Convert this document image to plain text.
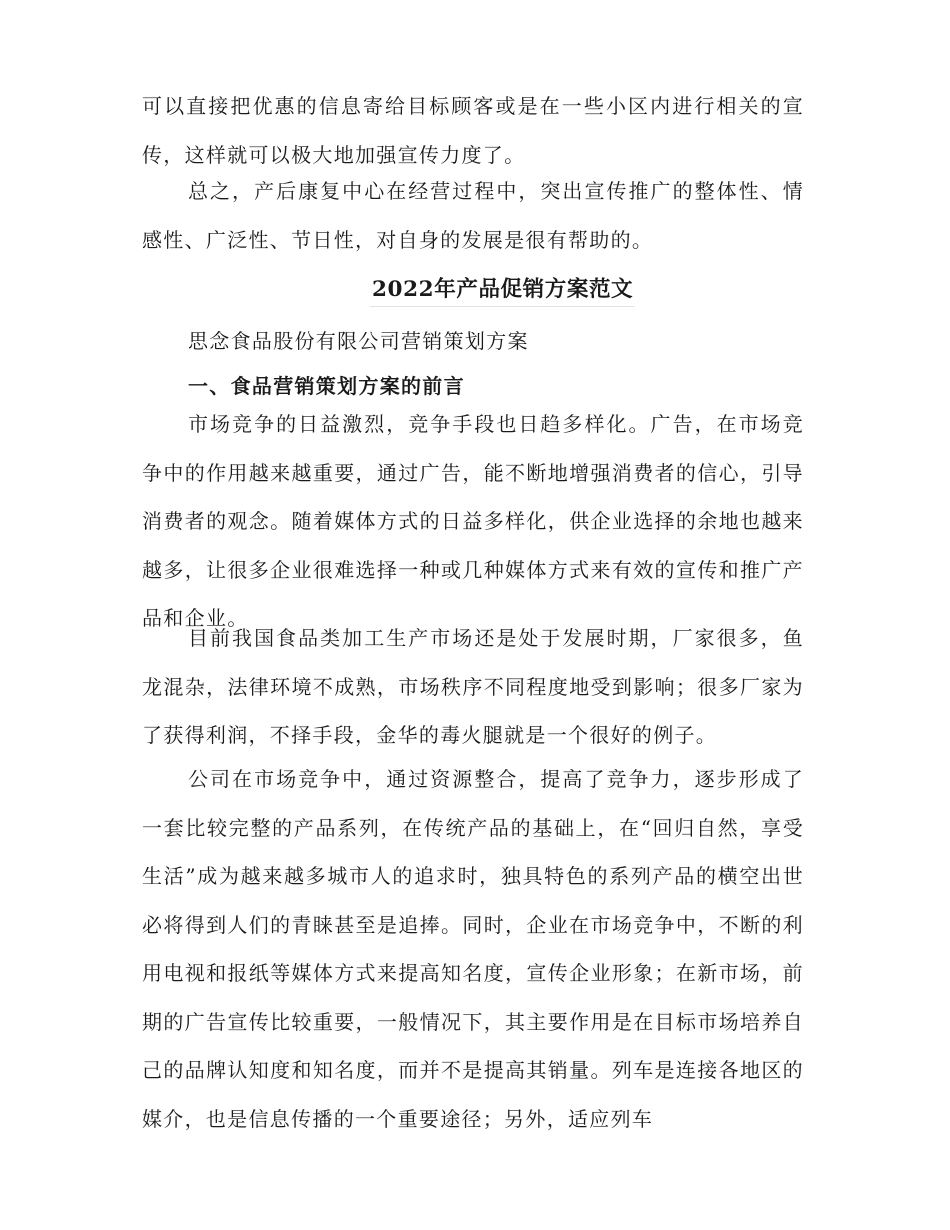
可以直接把优惠的信息寄给目标顾客或是在一些小区内进行相关的宣传，这样就可以极大地加强宣传力度了。
总之，产后康复中心在经营过程中，突出宣传推广的整体性、情感性、广泛性、节日性，对自身的发展是很有帮助的。
2022年产品促销方案范文
思念食品股份有限公司营销策划方案
一、食品营销策划方案的前言
市场竞争的日益激烈，竞争手段也日趋多样化。广告，在市场竞争中的作用越来越重要，通过广告，能不断地增强消费者的信心，引导消费者的观念。随着媒体方式的日益多样化，供企业选择的余地也越来越多，让很多企业很难选择一种或几种媒体方式来有效的宣传和推广产品和企业。
目前我国食品类加工生产市场还是处于发展时期，厂家很多，鱼龙混杂，法律环境不成熟，市场秩序不同程度地受到影响；很多厂家为了获得利润，不择手段，金华的毒火腿就是一个很好的例子。
公司在市场竞争中，通过资源整合，提高了竞争力，逐步形成了一套比较完整的产品系列，在传统产品的基础上，在“回归自然，享受生活”成为越来越多城市人的追求时，独具特色的系列产品的横空出世必将得到人们的青睐甚至是追捧。同时，企业在市场竞争中，不断的利用电视和报纸等媒体方式来提高知名度，宣传企业形象；在新市场，前期的广告宣传比较重要，一般情况下，其主要作用是在目标市场培养自己的品牌认知度和知名度，而并不是提高其销量。列车是连接各地区的媒介，也是信息传播的一个重要途径；另外，适应列车
